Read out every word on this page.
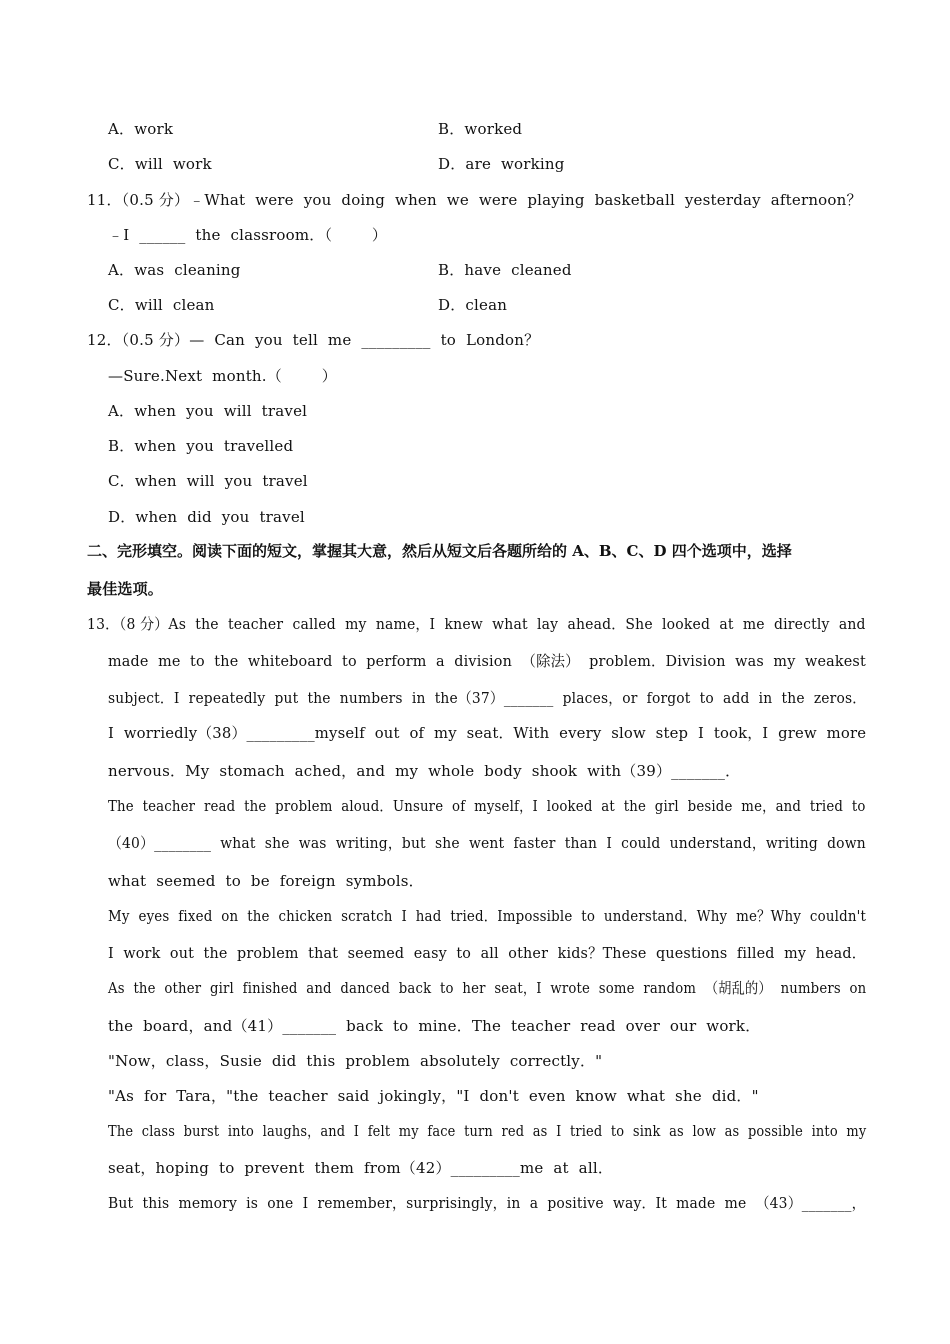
A．work	B．worked
C．will  work	D．are  working
11．（0.5 分）﹣What  were  you  doing  when  we  were  playing  basketball  yesterday  afternoon？
﹣I  ______  the  classroom．（        ）
A．was  cleaning	B．have  cleaned
C．will  clean	D．clean
12．（0.5 分）—  Can  you  tell  me  _________  to  London？
—Sure.Next  month.（        ）
A．when  you  will  travel
B．when  you  travelled
C．when  will  you  travel
D．when  did  you  travel
二、完形填空。阅读下面的短文，掌握其大意，然后从短文后各题所给的 A、B、C、D 四个选项中，选择
最佳选项。
13．（8 分）As  the  teacher  called  my  name，I  knew  what  lay  ahead．She  looked  at  me  directly  and
made  me  to  the  whiteboard  to  perform  a  division  （除法）  problem．Division  was  my  weakest
subject．I  repeatedly  put  the  numbers  in  the（37）_______  places，or  forgot  to  add  in  the  zeros．
I  worriedly（38）_________myself  out  of  my  seat．With  every  slow  step  I  took，I  grew  more
nervous．My  stomach  ached，and  my  whole  body  shook  with（39）_______．
The  teacher  read  the  problem  aloud．Unsure  of  myself，I  looked  at  the  girl  beside  me，and  tried  to
（40）________  what  she  was  writing，but  she  went  faster  than  I  could  understand，writing  down
what  seemed  to  be  foreign  symbols．
My  eyes  fixed  on  the  chicken  scratch  I  had  tried．Impossible  to  understand．Why  me？Why  couldn't
I  work  out  the  problem  that  seemed  easy  to  all  other  kids？These  questions  filled  my  head．
As  the  other  girl  finished  and  danced  back  to  her  seat，I  wrote  some  random  （胡乱的）  numbers  on
the  board，and（41）_______  back  to  mine．The  teacher  read  over  our  work．
"Now，class，Susie  did  this  problem  absolutely  correctly．"
"As  for  Tara，"the  teacher  said  jokingly，"I  don't  even  know  what  she  did．"
The  class  burst  into  laughs，and  I  felt  my  face  turn  red  as  I  tried  to  sink  as  low  as  possible  into  my
seat，hoping  to  prevent  them  from（42）_________me  at  all．
But  this  memory  is  one  I  remember，surprisingly，in  a  positive  way．It  made  me  （43）_______，
